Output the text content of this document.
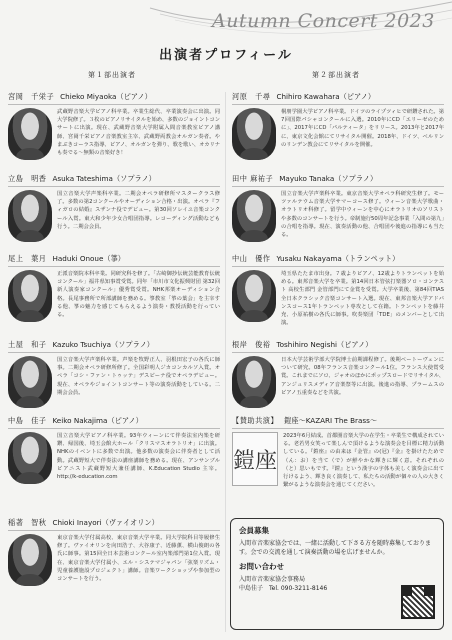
Autumn Concert 2023
出演者プロフィール
第１部出演者	第２部出演者
宮岡　千栄子 Chieko Miyaoka（ピアノ）
武蔵野音楽大学ピアノ科卒業。卒業生総代、卒業演奏会に出演。同大学院修了。３枚のピアノリサイタルを始め、多数のジョイントコンサートに出演。現在、武蔵野音楽大学附属入間音楽教室ピアノ講師、宮岡千栄ピアノ音楽教室主宰、武蔵野両教会オルガン奏者。やまぶきコーラス指導、ピアノ、オルガンを弾り、歌を歌い、オカリナも奏でる〜無類の音楽好き！
立島　明香 Asuka Tateshima（ソプラノ）
国立音楽大学声楽科卒業。二期会オペラ研修所マスタークラス修了。多数の第2コンクールやオーディション合格・出演。オペラ『フィガロの結婚』スザンナ役でデビュー。第30回ソレイユ音楽コンクール入賞。東大和少年少女合唱団指導。レコーディング活動なども行う。二期会会員。
尾上　葉月 Haduki Onoue（箏）
正派音楽院本科卒業。同研究科を修了。「古崎御抄伝統芸能教育伝統コンクール」福井県知事賞受賞。同年「市川市文化振興財団 第32回新人演奏家コンクール」優秀賞受賞。NHK邦楽オーディション合格。長尾事務所で所部講師を務める。箏教室「箏の葉会」を主宰する他、箏の魅力を感じてもらえるよう演奏・教授活動を行っている。
土屋　和子 Kazuko Tsuchiya（ソプラノ）
国立音楽大学声楽科卒業。声楽を牧野正人、羽根田宏子の各氏に師事。二期会オペラ研修所修了。全国彩明人ジカコンカルソ入賞。オペラ「コシ・ファン・トゥッテ」デスピーナ役でオペラデビュー。現在、オペラやジョイントコンサート等の演奏活動をしている。二期会会員。
中島　佳子 Keiko Nakajima（ピアノ）
国立音楽大学ピアノ科卒業。93年ウィーンにて伴奏法室内楽を研鑽、帰国後、埼玉会館大ホール「クリスマスオラトリオ」に出演。NHKのイベントに多数で出演。他多数の演奏会に伴奏者として活動。武蔵野短大で伴奏法の講座講師を務める。現在、アンサンブルピアニスト武蔵野短大兼任講師、K.Education Studio 主宰。http://k-education.com
稲著　智秋 Chioki Inayori（ヴァイオリン）
東京音楽大学付属高校、東京音楽大学卒業。同大学院科目等履修生修了。ヴァイオリンを向田浩子、大谷康子、近藤薫、横山俊朗の各氏に師事。第15回全日本芸術コンクール室内楽部門第1位入賞。現在、東京音楽大学付属小、エル・システマジャパン「弦楽リズム・児童養護施設プロジェクト」講師。音楽ワークショップや参加型のコンサートを行う。
河原　千尋 Chihiro Kawahara（ピアノ）
桐朋学園大学ピアノ科卒業。ドイツのライプツィヒで研鑽された。第7回国際パシャコンクールに入選。2010年にCD「エリーゼのために」、2017年にCD「パルティータ」をリリース。2013年と2017年に、東京文化会館にてリサイタル開催。2018年、ドイツ、ベルリンのリンデン教会にてリサイタルを開催。
田中 麻祐子 Mayuko Tanaka（ソプラノ）
国立音楽大学声楽科卒業。東京音楽大学オペラ科研究生修了。モーツァルテウム音楽大学サマーコース修了。ウィーン音楽大学歌曲・オラトリオ科修了。留学中ウィーンを中心にオラトリオのソリストや多数のコンサートを行う。帝制施行50周年記念事業「入間の第九」の合唱を指導。現在、演奏活動の他、合唱団や後進の指導にも当たる。
中山　優作 Yusaku Nakayama（トランペット）
埼玉県たたま市出身。７歳よりピアノ、12歳よりトランペットを始める。東邦音楽大学を卒業。第14回日本管弦打楽器ソロ・コンテスト 高校生部門 金管部門にて金賞を受賞。大学卒業後、第84回TIAS全日本クラシック音楽コンサート入選。現在、東邦音楽大学アドバンスコース1年トランペット専攻として在籍。トランペットを藤井 充、小原祐樹の各氏に師事。吹奏楽団「TDE」のメンバーとして出演。
根岸　俊裕 Toshihiro Negishi（ピアノ）
日本大学芸術学部大学院博士前期課程修了。後期ベートーヴェンについて研究。08年フランス音楽コンクール1位。フランス大使賞受賞。これまでにソロ、ジャオのほかにポップスロードでリサイタル、アンジュリスメディア音楽祭等に出演。後進の指導、プラームスのピアノ五重奏などを共演。
【賛助共演】 鎧座〜KAZARI The Brass〜
鎧座
2023年6月結成。首都圏音楽大学の在学生・卒業生で構成されている。老若男女笑って楽しんで頂けるような演奏会を目標に精力活動している。『鎧座』の由来は『金管』の(冠)『金』を掛けたためで（ん：お）を当て（で）が鮮やかな輝きに輝く意。それぞれの（と）思いもです。『鎧』という漢字の字体も美しく演奏会に出て行けるよう、輝き良く演奏して、私たちの活動が個々の人の大きく繋がるような演奏会を通じてください。
会員募集

入間市音楽家協会では、一緒に活動して下さる方を随時募集しております。会での交流を通して演奏活動の場を広げませんか。

お問い合わせ
入間市音楽家協会事務局
中島佳子　Tel. 090-3211-8146
